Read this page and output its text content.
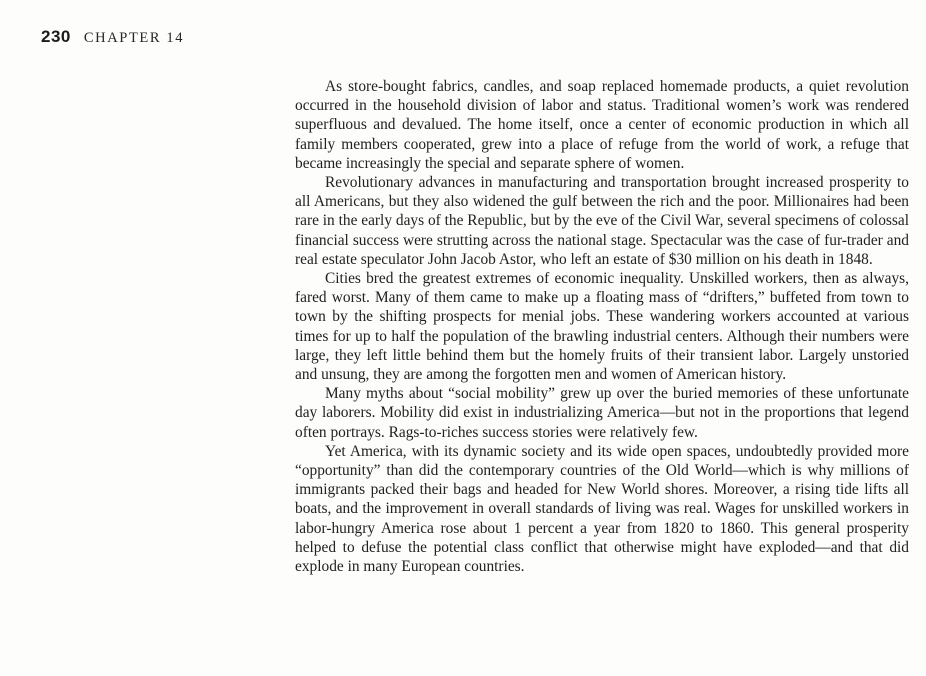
230 CHAPTER 14

As store-bought fabrics, candles, and soap replaced homemade products, a quiet revolution occurred in the household division of labor and status. Traditional women’s work was rendered superfluous and devalued. The home itself, once a center of economic production in which all family members cooperated, grew into a place of refuge from the world of work, a refuge that became increasingly the special and separate sphere of women.

Revolutionary advances in manufacturing and transportation brought increased prosperity to all Americans, but they also widened the gulf between the rich and the poor. Millionaires had been rare in the early days of the Republic, but by the eve of the Civil War, several specimens of colossal financial success were strutting across the national stage. Spectacular was the case of fur-trader and real estate speculator John Jacob Astor, who left an estate of $30 million on his death in 1848.

Cities bred the greatest extremes of economic inequality. Unskilled workers, then as always, fared worst. Many of them came to make up a floating mass of “drifters,” buffeted from town to town by the shifting prospects for menial jobs. These wandering workers accounted at various times for up to half the population of the brawling industrial centers. Although their numbers were large, they left little behind them but the homely fruits of their transient labor. Largely unstoried and unsung, they are among the forgotten men and women of American history.

Many myths about “social mobility” grew up over the buried memories of these unfortunate day laborers. Mobility did exist in industrializing America—but not in the proportions that legend often portrays. Rags-to-riches success stories were relatively few.

Yet America, with its dynamic society and its wide open spaces, undoubtedly provided more “opportunity” than did the contemporary countries of the Old World—which is why millions of immigrants packed their bags and headed for New World shores. Moreover, a rising tide lifts all boats, and the improvement in overall standards of living was real. Wages for unskilled workers in labor-hungry America rose about 1 percent a year from 1820 to 1860. This general prosperity helped to defuse the potential class conflict that otherwise might have exploded—and that did explode in many European countries.
